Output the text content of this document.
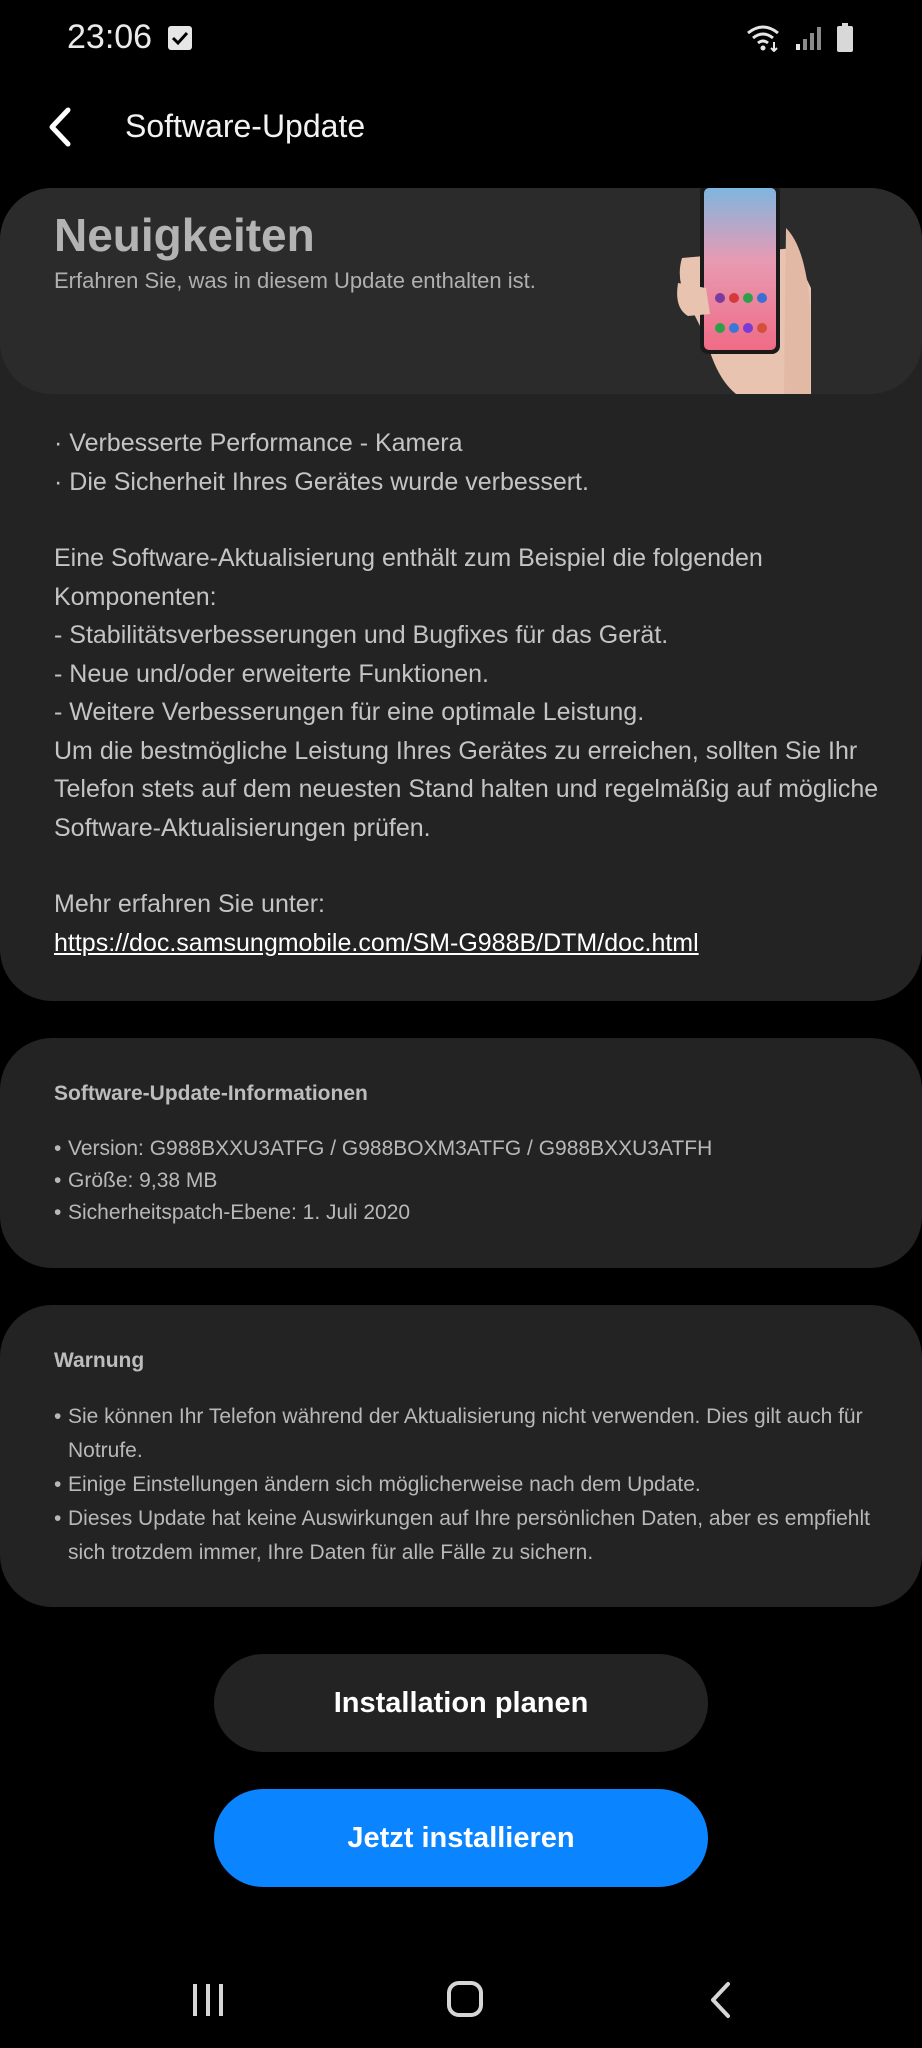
23:06
Software-Update
Neuigkeiten
Erfahren Sie, was in diesem Update enthalten ist.

· Verbesserte Performance - Kamera

· Die Sicherheit Ihres Gerätes wurde verbessert.

Eine Software-Aktualisierung enthält zum Beispiel die folgenden Komponenten:

- Stabilitätsverbesserungen und Bugfixes für das Gerät.

- Neue und/oder erweiterte Funktionen.

- Weitere Verbesserungen für eine optimale Leistung.

Um die bestmögliche Leistung Ihres Gerätes zu erreichen, sollten Sie Ihr Telefon stets auf dem neuesten Stand halten und regelmäßig auf mögliche Software-Aktualisierungen prüfen.

Mehr erfahren Sie unter:

https://doc.samsungmobile.com/SM-G988B/DTM/doc.html

Software-Update-Informationen
• Version: G988BXXU3ATFG / G988BOXM3ATFG / G988BXXU3ATFH
• Größe: 9,38 MB
• Sicherheitspatch-Ebene: 1. Juli 2020
Warnung
• Sie können Ihr Telefon während der Aktualisierung nicht verwenden. Dies gilt auch für Notrufe.
• Einige Einstellungen ändern sich möglicherweise nach dem Update.
• Dieses Update hat keine Auswirkungen auf Ihre persönlichen Daten, aber es empfiehlt sich trotzdem immer, Ihre Daten für alle Fälle zu sichern.
Installation planen
Jetzt installieren
